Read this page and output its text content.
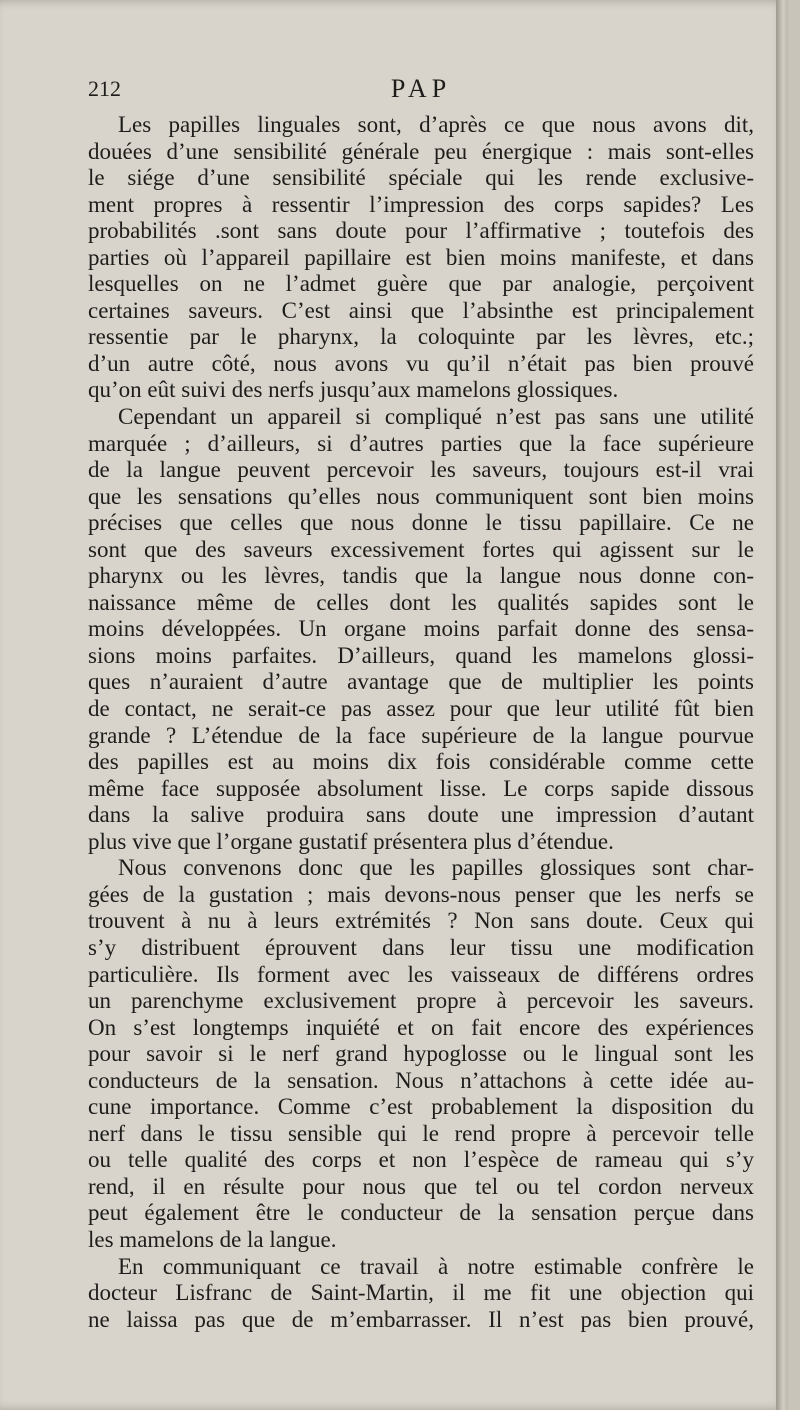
212	PAP
Les papilles linguales sont, d’après ce que nous avons dit,
douées d’une sensibilité générale peu énergique : mais sont-elles
le siége d’une sensibilité spéciale qui les rende exclusive-
ment propres à ressentir l’impression des corps sapides? Les
probabilités .sont sans doute pour l’affirmative ; toutefois des
parties où l’appareil papillaire est bien moins manifeste, et dans
lesquelles on ne l’admet guère que par analogie, perçoivent
certaines saveurs. C’est ainsi que l’absinthe est principalement
ressentie par le pharynx, la coloquinte par les lèvres, etc.;
d’un autre côté, nous avons vu qu’il n’était pas bien prouvé
qu’on eût suivi des nerfs jusqu’aux mamelons glossiques.
Cependant un appareil si compliqué n’est pas sans une utilité
marquée ; d’ailleurs, si d’autres parties que la face supérieure
de la langue peuvent percevoir les saveurs, toujours est-il vrai
que les sensations qu’elles nous communiquent sont bien moins
précises que celles que nous donne le tissu papillaire. Ce ne
sont que des saveurs excessivement fortes qui agissent sur le
pharynx ou les lèvres, tandis que la langue nous donne con-
naissance même de celles dont les qualités sapides sont le
moins développées. Un organe moins parfait donne des sensa-
sions moins parfaites. D’ailleurs, quand les mamelons glossi-
ques n’auraient d’autre avantage que de multiplier les points
de contact, ne serait-ce pas assez pour que leur utilité fût bien
grande ? L’étendue de la face supérieure de la langue pourvue
des papilles est au moins dix fois considérable comme cette
même face supposée absolument lisse. Le corps sapide dissous
dans la salive produira sans doute une impression d’autant
plus vive que l’organe gustatif présentera plus d’étendue.
Nous convenons donc que les papilles glossiques sont char-
gées de la gustation ; mais devons-nous penser que les nerfs se
trouvent à nu à leurs extrémités ? Non sans doute. Ceux qui
s’y distribuent éprouvent dans leur tissu une modification
particulière. Ils forment avec les vaisseaux de différens ordres
un parenchyme exclusivement propre à percevoir les saveurs.
On s’est longtemps inquiété et on fait encore des expériences
pour savoir si le nerf grand hypoglosse ou le lingual sont les
conducteurs de la sensation. Nous n’attachons à cette idée au-
cune importance. Comme c’est probablement la disposition du
nerf dans le tissu sensible qui le rend propre à percevoir telle
ou telle qualité des corps et non l’espèce de rameau qui s’y
rend, il en résulte pour nous que tel ou tel cordon nerveux
peut également être le conducteur de la sensation perçue dans
les mamelons de la langue.
En communiquant ce travail à notre estimable confrère le
docteur Lisfranc de Saint-Martin, il me fit une objection qui
ne laissa pas que de m’embarrasser. Il n’est pas bien prouvé,
